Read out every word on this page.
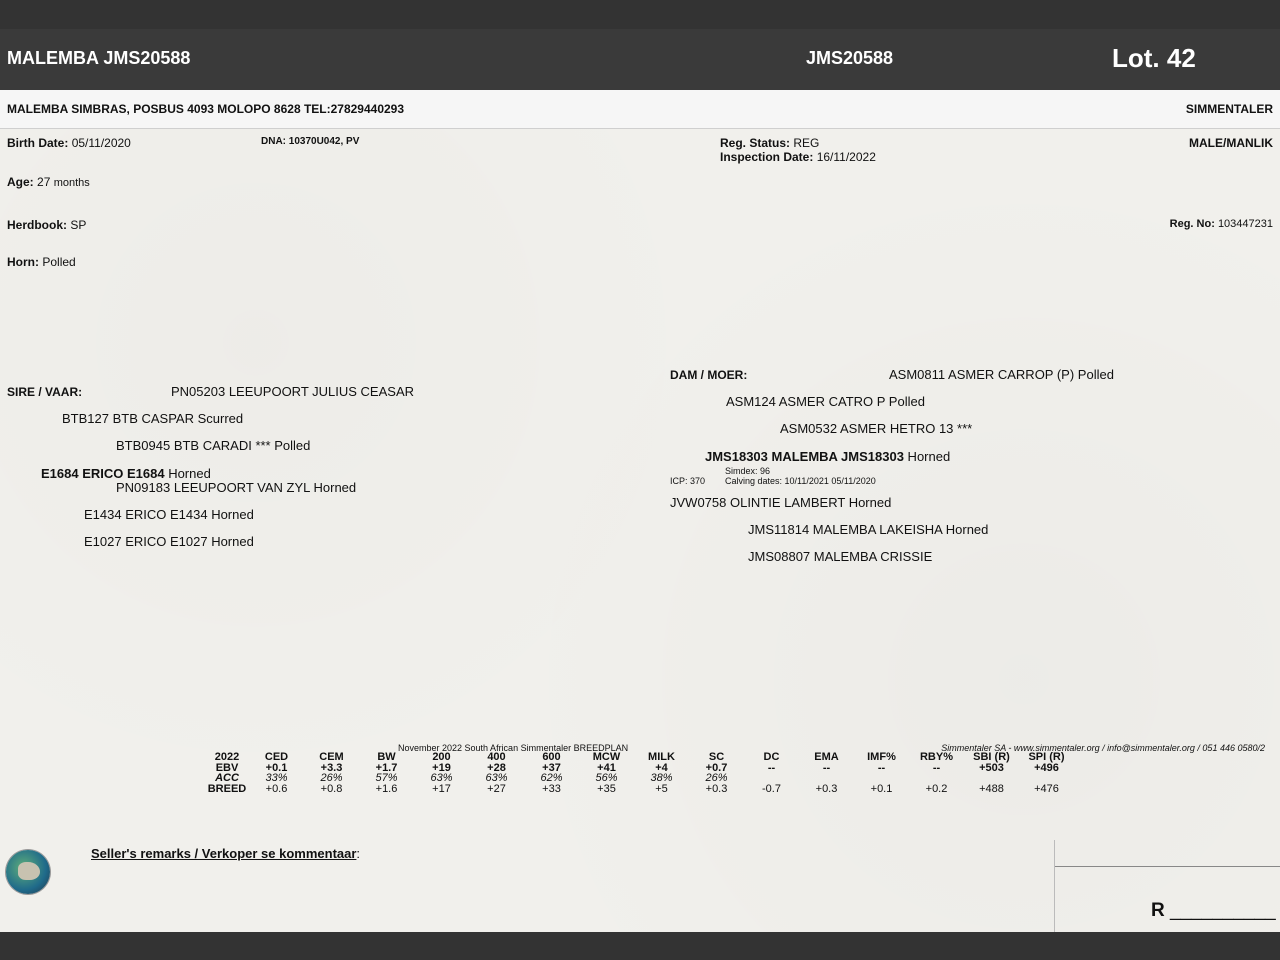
MALEMBA JMS20588	JMS20588	Lot. 42
MALEMBA SIMBRAS, POSBUS 4093 MOLOPO 8628 TEL:27829440293	SIMMENTALER
Birth Date: 05/11/2020	DNA: 10370U042, PV	Reg. Status: REG
Inspection Date: 16/11/2022
MALE/MANLIK
Age: 27 months
Herdbook: SP	Reg. No: 103447231
Horn: Polled
SIRE / VAAR:	PN05203 LEEUPOORT JULIUS CEASAR
BTB127 BTB CASPAR Scurred
BTB0945 BTB CARADI *** Polled
E1684 ERICO E1684 Horned
PN09183 LEEUPOORT VAN ZYL Horned
E1434 ERICO E1434 Horned
E1027 ERICO E1027 Horned
DAM / MOER:	ASM0811 ASMER CARROP (P) Polled
ASM124 ASMER CATRO P Polled
ASM0532 ASMER HETRO 13 ***
JMS18303 MALEMBA JMS18303 Horned
Simdex: 96
ICP: 370 Calving dates: 10/11/2021 05/11/2020
JVW0758 OLINTIE LAMBERT Horned
JMS11814 MALEMBA LAKEISHA Horned
JMS08807 MALEMBA CRISSIE
November 2022 South African Simmentaler BREEDPLAN	Simmentaler SA - www.simmentaler.org / info@simmentaler.org / 051 446 0580/2
2022	CED	CEM	BW	200	400	600	MCW	MILK	SC	DC	EMA	IMF%	RBY%	SBI (R)	SPI (R)
EBV	+0.1	+3.3	+1.7	+19	+28	+37	+41	+4	+0.7	--	--	--	--	+503	+496
ACC	33%	26%	57%	63%	63%	62%	56%	38%	26%						
BREED	+0.6	+0.8	+1.6	+17	+27	+33	+35	+5	+0.3	-0.7	+0.3	+0.1	+0.2	+488	+476
Seller's remarks / Verkoper se kommentaar:
R __________
